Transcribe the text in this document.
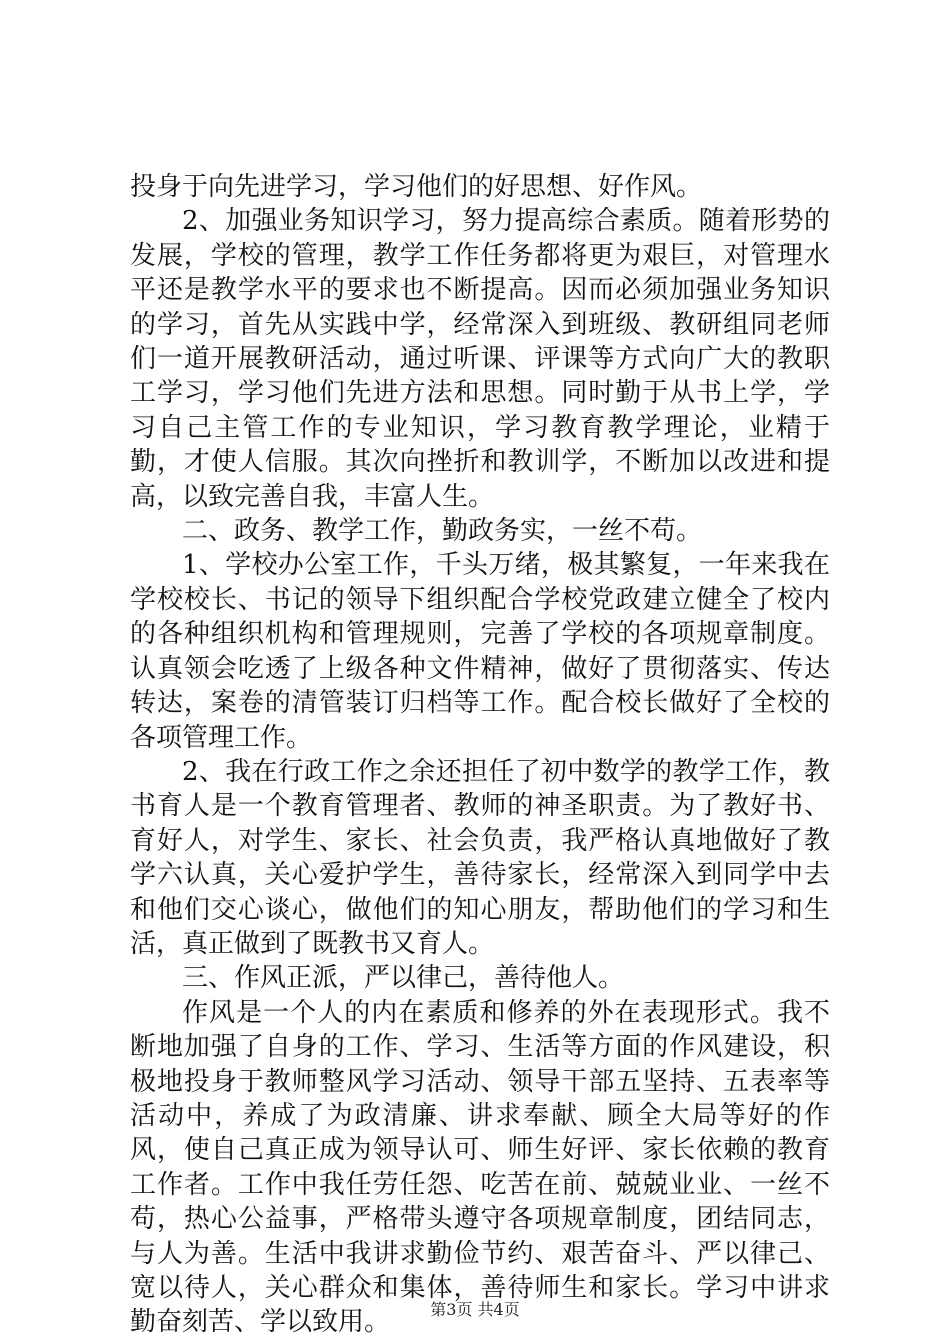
投身于向先进学习，学习他们的好思想、好作风。

2、加强业务知识学习，努力提高综合素质。随着形势的发展，学校的管理，教学工作任务都将更为艰巨，对管理水平还是教学水平的要求也不断提高。因而必须加强业务知识的学习，首先从实践中学，经常深入到班级、教研组同老师们一道开展教研活动，通过听课、评课等方式向广大的教职工学习，学习他们先进方法和思想。同时勤于从书上学，学习自己主管工作的专业知识，学习教育教学理论，业精于勤，才使人信服。其次向挫折和教训学，不断加以改进和提高，以致完善自我，丰富人生。

二、政务、教学工作，勤政务实，一丝不苟。

1、学校办公室工作，千头万绪，极其繁复，一年来我在学校校长、书记的领导下组织配合学校党政建立健全了校内的各种组织机构和管理规则，完善了学校的各项规章制度。认真领会吃透了上级各种文件精神，做好了贯彻落实、传达转达，案卷的清管装订归档等工作。配合校长做好了全校的各项管理工作。

2、我在行政工作之余还担任了初中数学的教学工作，教书育人是一个教育管理者、教师的神圣职责。为了教好书、育好人，对学生、家长、社会负责，我严格认真地做好了教学六认真，关心爱护学生，善待家长，经常深入到同学中去和他们交心谈心，做他们的知心朋友，帮助他们的学习和生活，真正做到了既教书又育人。

三、作风正派，严以律己，善待他人。

作风是一个人的内在素质和修养的外在表现形式。我不断地加强了自身的工作、学习、生活等方面的作风建设，积极地投身于教师整风学习活动、领导干部五坚持、五表率等活动中，养成了为政清廉、讲求奉献、顾全大局等好的作风，使自己真正成为领导认可、师生好评、家长依赖的教育工作者。工作中我任劳任怨、吃苦在前、兢兢业业、一丝不苟，热心公益事，严格带头遵守各项规章制度，团结同志，与人为善。生活中我讲求勤俭节约、艰苦奋斗、严以律己、宽以待人，关心群众和集体，善待师生和家长。学习中讲求勤奋刻苦、学以致用。	第3页 共4页
